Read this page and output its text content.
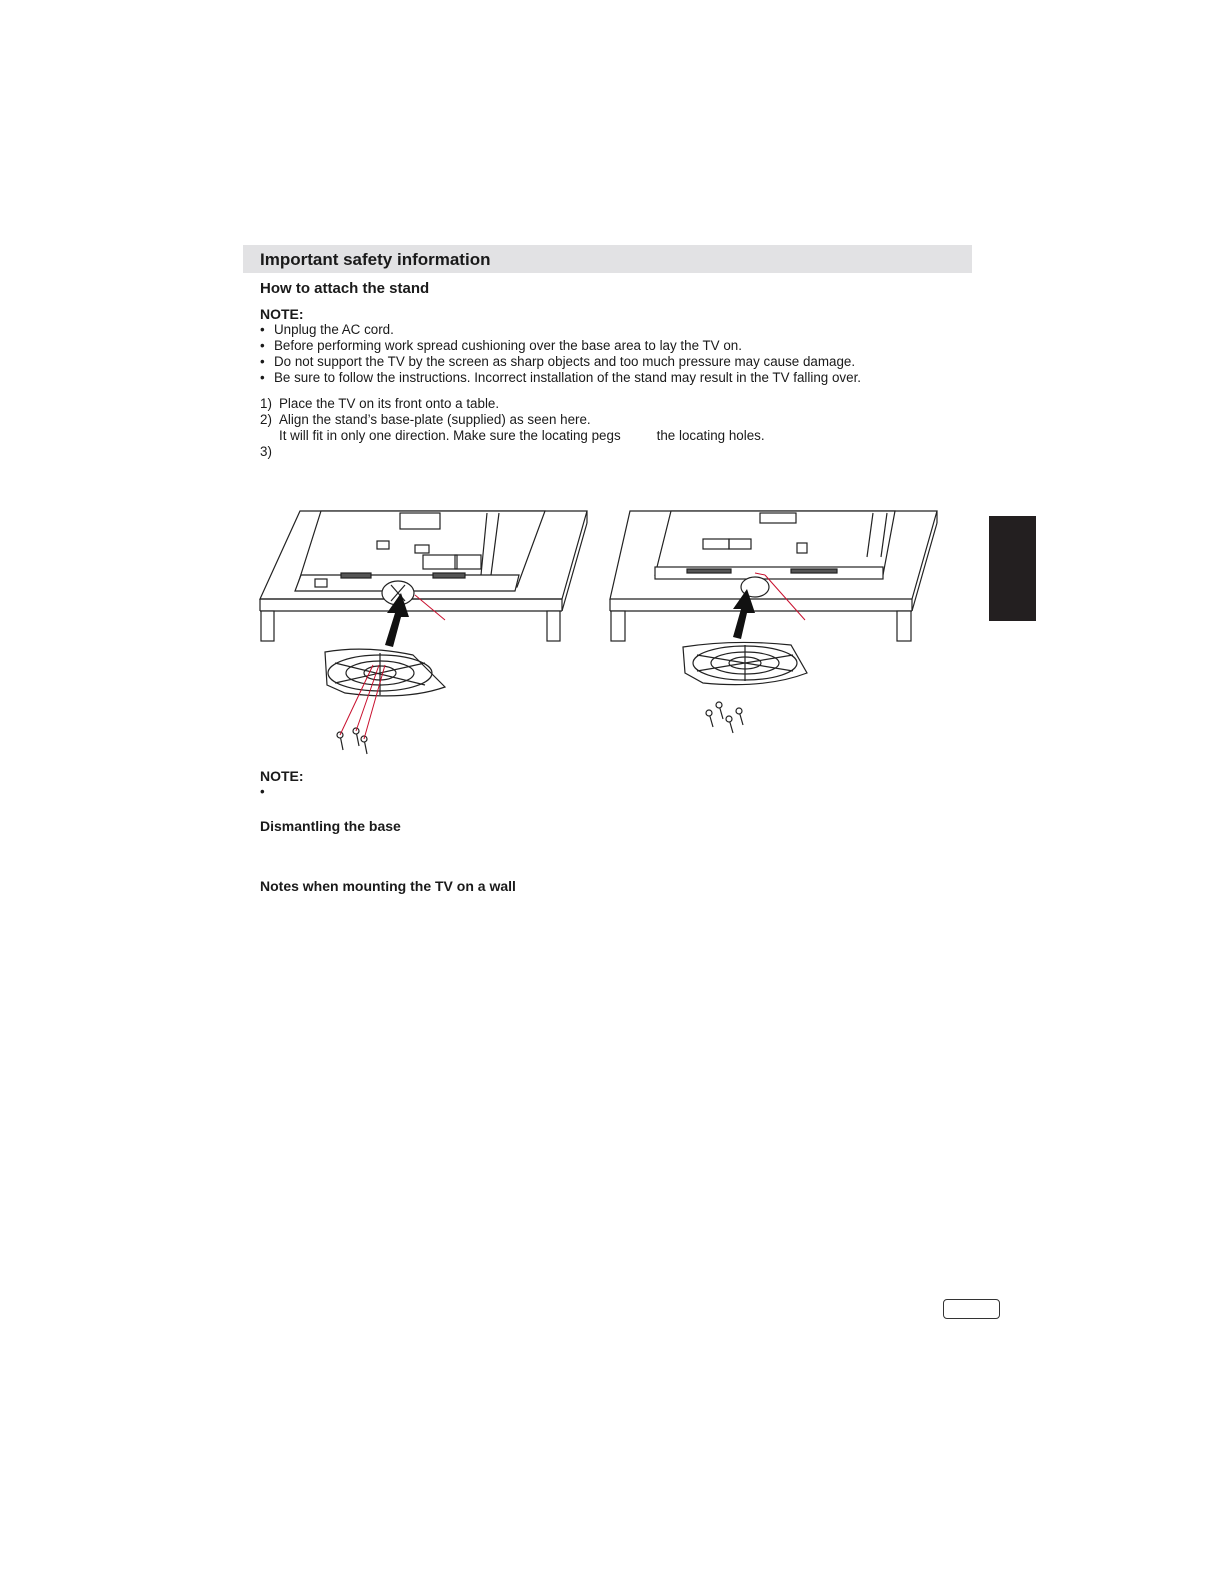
Important safety information
How to attach the stand
NOTE:
• Unplug the AC cord.
• Before performing work spread cushioning over the base area to lay the TV on.
• Do not support the TV by the screen as sharp objects and too much pressure may cause damage.
• Be sure to follow the instructions. Incorrect installation of the stand may result in the TV falling over.
1) Place the TV on its front onto a table.
2) Align the stand’s base-plate (supplied) as seen here.
It will fit in only one direction. Make sure the locating pegs	the locating holes.
3)
NOTE:
•
Dismantling the base
Notes when mounting the TV on a wall
